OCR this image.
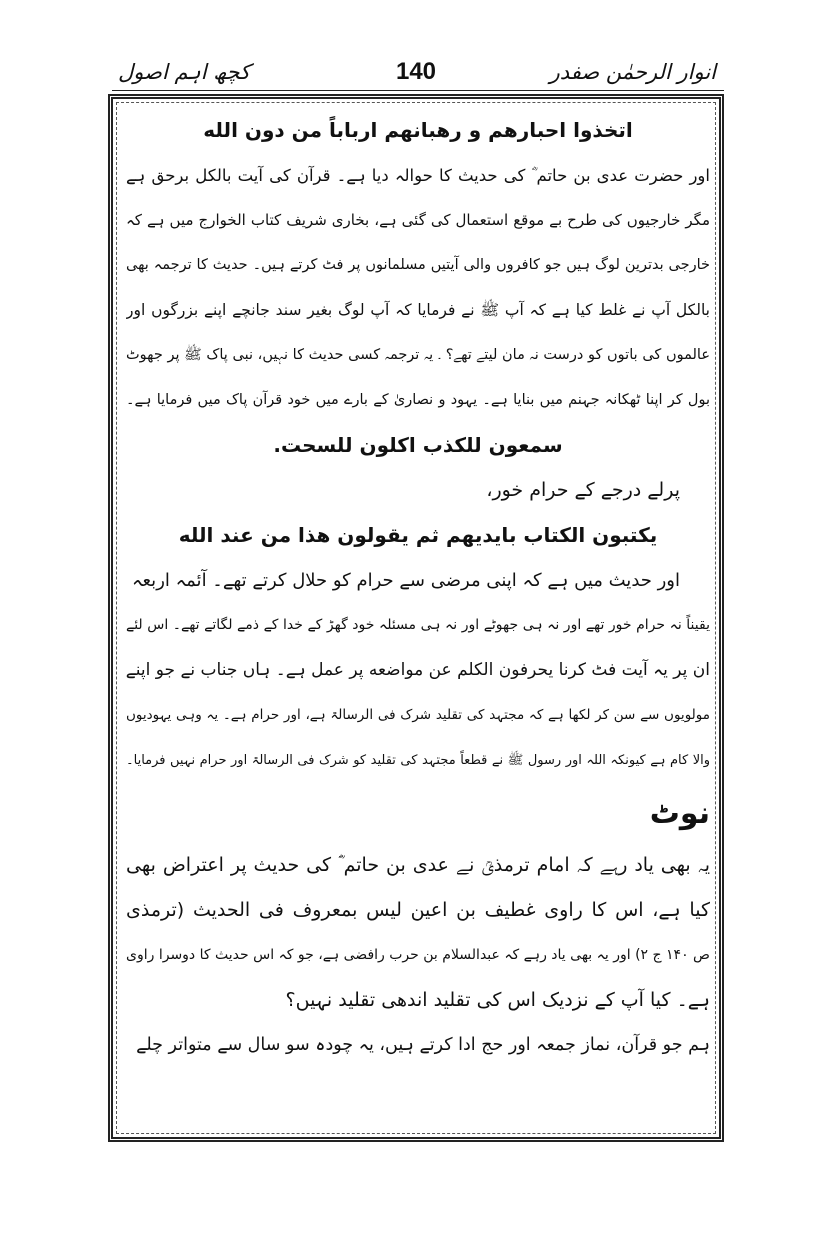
انوار الرحمٰن صفدر
140
کچھ اہم اصول
اتخذوا احبارهم و رهبانهم ارباباً من دون الله
اور حضرت عدی بن حاتم ؓ کی حدیث کا حوالہ دیا ہے۔ قرآن کی آیت بالکل برحق ہے
مگر خارجیوں کی طرح بے موقع استعمال کی گئی ہے، بخاری شریف کتاب الخوارج میں ہے کہ
خارجی بدترین لوگ ہیں جو کافروں والی آیتیں مسلمانوں پر فٹ کرتے ہیں۔ حدیث کا ترجمہ بھی
بالکل آپ نے غلط کیا ہے کہ آپ ﷺ نے فرمایا کہ آپ لوگ بغیر سند جانچے اپنے بزرگوں اور
عالموں کی باتوں کو درست نہ مان لیتے تھے؟ ۔ یہ ترجمہ کسی حدیث کا نہیں، نبی پاک ﷺ پر جھوٹ
بول کر اپنا ٹھکانہ جہنم میں بنایا ہے۔ یہود و نصاریٰ کے بارے میں خود قرآن پاک میں فرمایا ہے۔
سمعون للكذب اكلون للسحت.
پرلے درجے کے حرام خور،
يكتبون الكتاب بايديهم ثم يقولون هذا من عند الله
اور حدیث میں ہے کہ اپنی مرضی سے حرام کو حلال کرتے تھے۔ آئمہ اربعہ
یقیناً نہ حرام خور تھے اور نہ ہی جھوٹے اور نہ ہی مسئلہ خود گھڑ کے خدا کے ذمے لگاتے تھے۔ اس لئے
ان پر یہ آیت فٹ کرنا يحرفون الكلم عن مواضعه پر عمل ہے۔ ہاں جناب نے جو اپنے
مولویوں سے سن کر لکھا ہے کہ مجتہد کی تقلید شرک فی الرسالۃ ہے، اور حرام ہے۔ یہ وہی یہودیوں
والا کام ہے کیونکہ اللہ اور رسول ﷺ نے قطعاً مجتہد کی تقلید کو شرک فی الرسالۃ اور حرام نہیں فرمایا۔
نوٹ
یہ بھی یاد رہے کہ امام ترمذیؒ نے عدی بن حاتم ؓ کی حدیث پر اعتراض بھی
کیا ہے، اس کا راوی غطيف بن اعين ليس بمعروف فى الحديث (ترمذی
ص ۱۴۰ ج ۲) اور یہ بھی یاد رہے کہ عبدالسلام بن حرب رافضی ہے، جو کہ اس حدیث کا دوسرا راوی
ہے۔ کیا آپ کے نزدیک اس کی تقلید اندھی تقلید نہیں؟
ہم جو قرآن، نماز جمعہ اور حج ادا کرتے ہیں، یہ چودہ سو سال سے متواتر چلے
